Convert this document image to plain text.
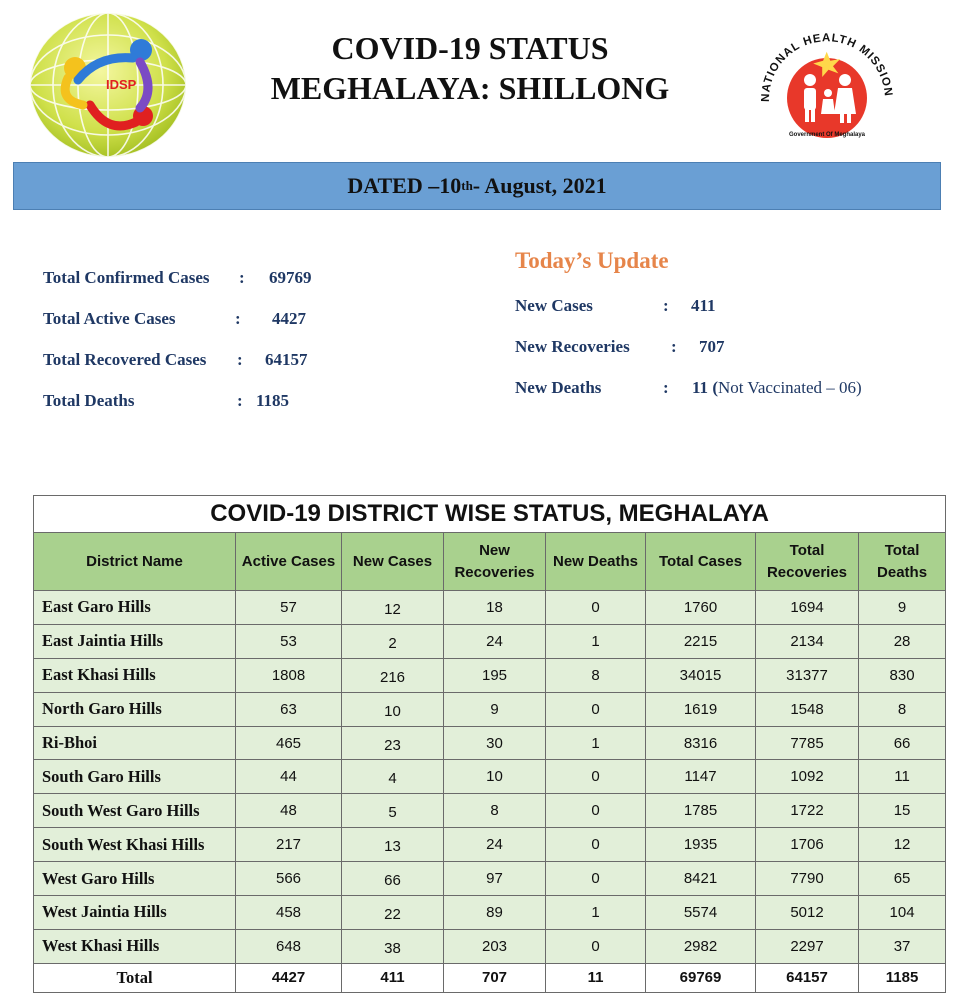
IDSP
COVID-19 STATUS
MEGHALAYA: SHILLONG	NATIONAL HEALTH MISSION
Government Of Meghalaya
DATED –10 th - August, 2021
Total Confirmed Cases : 69769
Total Active Cases	: 4427
Total Recovered Cases : 64157
Total Deaths	: 1185
Today’s Update
New Cases	: 411
New Recoveries : 707
New Deaths	: 11 (Not Vaccinated – 06)
COVID-19 DISTRICT WISE STATUS, MEGHALAYA							
District Name	Active Cases	New Cases	New Recoveries	New Deaths	Total Cases	Total Recoveries	Total Deaths
East Garo Hills	57	12	18	0	1760	1694	9
East Jaintia Hills	53	2	24	1	2215	2134	28
East Khasi Hills	1808	216	195	8	34015	31377	830
North Garo Hills	63	10	9	0	1619	1548	8
Ri-Bhoi	465	23	30	1	8316	7785	66
South Garo Hills	44	4	10	0	1147	1092	11
South West Garo Hills	48	5	8	0	1785	1722	15
South West Khasi Hills	217	13	24	0	1935	1706	12
West Garo Hills	566	66	97	0	8421	7790	65
West Jaintia Hills	458	22	89	1	5574	5012	104
West Khasi Hills	648	38	203	0	2982	2297	37
Total	4427	411	707	11	69769	64157	1185
